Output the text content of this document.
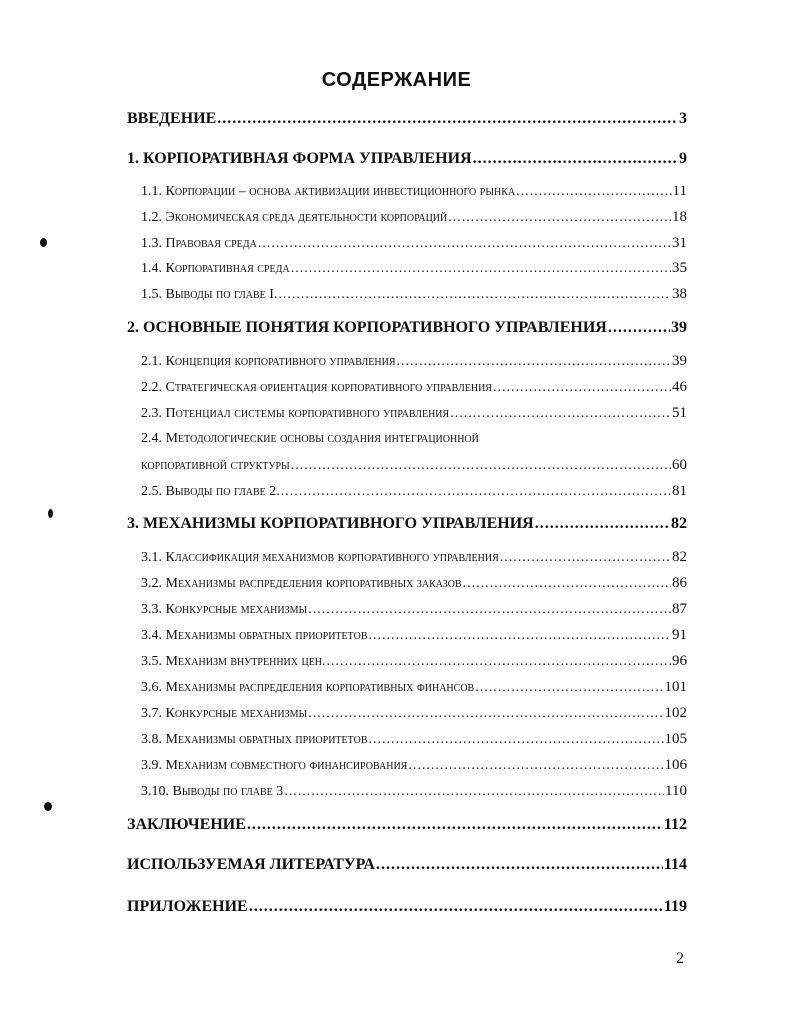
СОДЕРЖАНИЕ
ВВЕДЕНИЕ .....	3
1. КОРПОРАТИВНАЯ ФОРМА УПРАВЛЕНИЯ .....	9
1.1. Корпорации – основа активизации инвестиционного рынка .....	11
1.2. Экономическая среда деятельности корпораций .....	18
1.3. Правовая среда .....	31
1.4. Корпоративная среда .....	35
1.5. Выводы по главе I. .....	38
2. ОСНОВНЫЕ ПОНЯТИЯ КОРПОРАТИВНОГО УПРАВЛЕНИЯ .....	39
2.1. Концепция корпоративного управления .....	39
2.2. Стратегическая ориентация корпоративного управления .....	46
2.3. Потенциал системы корпоративного управления .....	51
2.4. Методологические основы создания интеграционной
корпоративной структуры .....	60
2.5. Выводы по главе 2. .....	81
3. МЕХАНИЗМЫ КОРПОРАТИВНОГО УПРАВЛЕНИЯ .....	82
3.1. Классификация механизмов корпоративного управления .....	82
3.2. Механизмы распределения корпоративных заказов .....	86
3.3. Конкурсные механизмы .....	87
3.4. Механизмы обратных приоритетов .....	91
3.5. Механизм внутренних цен. .....	96
3.6. Механизмы распределения корпоративных финансов .....	101
3.7. Конкурсные механизмы .....	102
3.8. Механизмы обратных приоритетов .....	105
3.9. Механизм совместного финансирования .....	106
3.10. Выводы по главе 3 .....	110
ЗАКЛЮЧЕНИЕ .....	112
ИСПОЛЬЗУЕМАЯ ЛИТЕРАТУРА .....	114
ПРИЛОЖЕНИЕ .....	119
2
